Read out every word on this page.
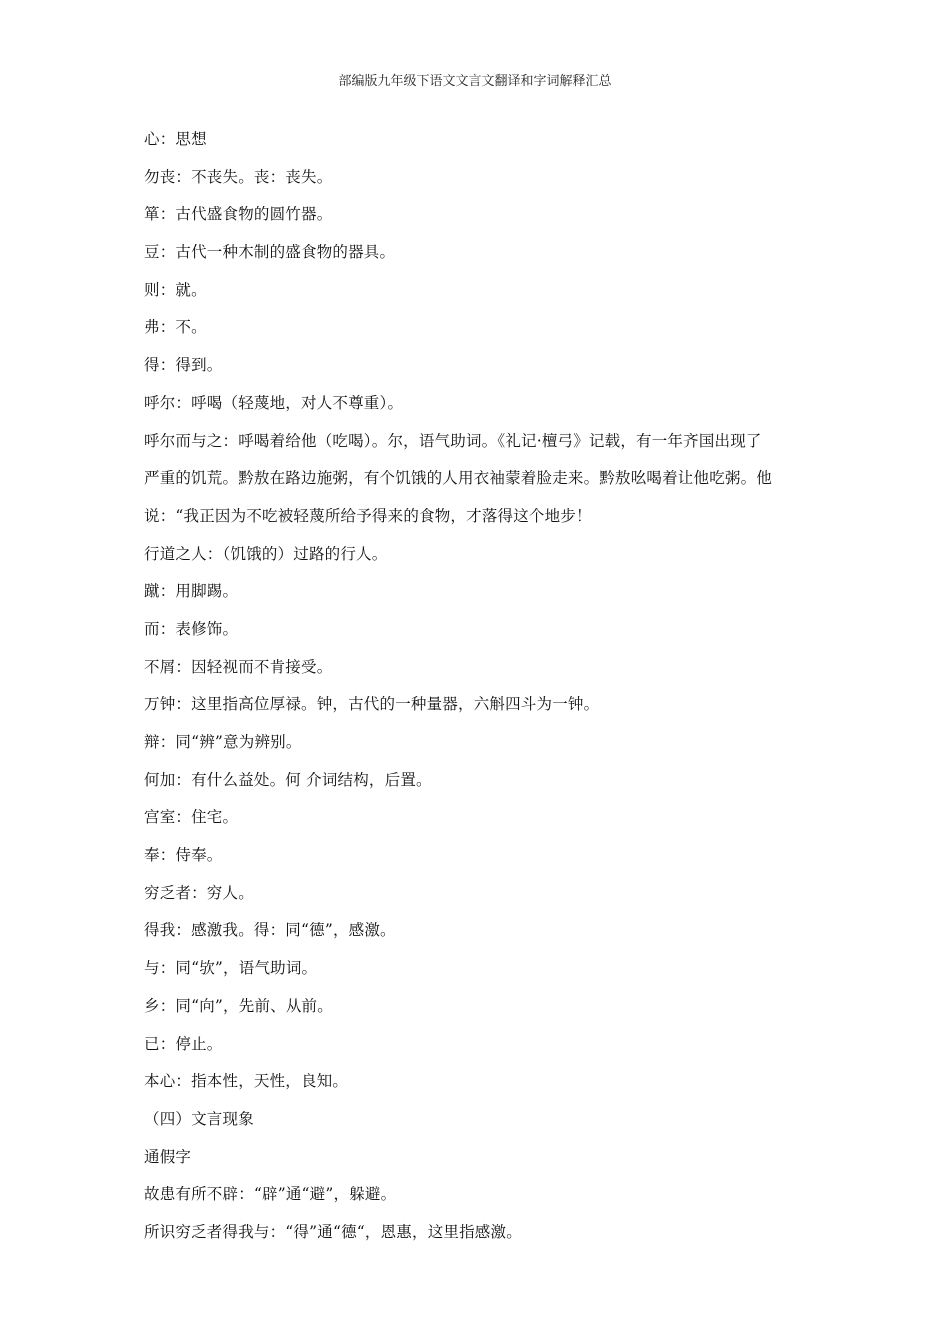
部编版九年级下语文文言文翻译和字词解释汇总
心：思想
勿丧：不丧失。丧：丧失。
箪：古代盛食物的圆竹器。
豆：古代一种木制的盛食物的器具。
则：就。
弗：不。
得：得到。
呼尔：呼喝（轻蔑地，对人不尊重）。
呼尔而与之：呼喝着给他（吃喝）。尔，语气助词。《礼记·檀弓》记载，有一年齐国出现了
严重的饥荒。黔敖在路边施粥，有个饥饿的人用衣袖蒙着脸走来。黔敖吆喝着让他吃粥。他
说：“我正因为不吃被轻蔑所给予得来的食物，才落得这个地步！
行道之人：（饥饿的）过路的行人。
蹴：用脚踢。
而：表修饰。
不屑：因轻视而不肯接受。
万钟：这里指高位厚禄。钟，古代的一种量器，六斛四斗为一钟。
辩：同“辨”意为辨别。
何加：有什么益处。何 介词结构，后置。
宫室：住宅。
奉：侍奉。
穷乏者：穷人。
得我：感激我。得：同“德”，感激。
与：同“欤”，语气助词。
乡：同“向”，先前、从前。
已：停止。
本心：指本性，天性，良知。
（四）文言现象
通假字
故患有所不辟：“辟”通“避”，躲避。
所识穷乏者得我与：“得”通“德“，恩惠，这里指感激。
